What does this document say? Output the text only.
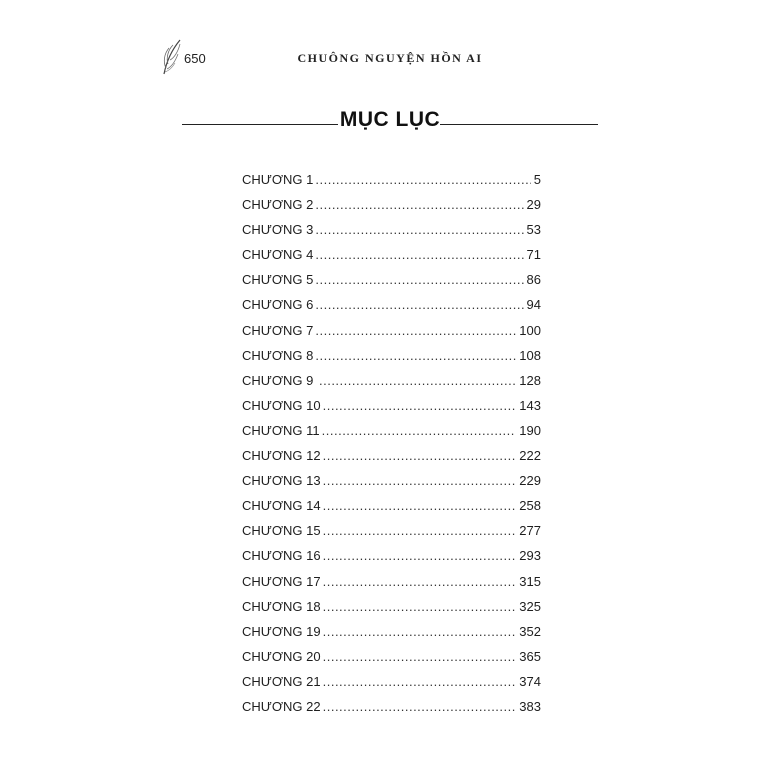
650	CHUÔNG NGUYỆN HỒN AI
MỤC LỤC
CHƯƠNG 1 .....	5
CHƯƠNG 2 .....	29
CHƯƠNG 3 .....	53
CHƯƠNG 4 .....	71
CHƯƠNG 5 .....	86
CHƯƠNG 6 .....	94
CHƯƠNG 7 .....	100
CHƯƠNG 8 .....	108
CHƯƠNG 9 .....	128
CHƯƠNG 10 .....	143
CHƯƠNG 11 .....	190
CHƯƠNG 12 .....	222
CHƯƠNG 13 .....	229
CHƯƠNG 14 .....	258
CHƯƠNG 15 .....	277
CHƯƠNG 16 .....	293
CHƯƠNG 17 .....	315
CHƯƠNG 18 .....	325
CHƯƠNG 19 .....	352
CHƯƠNG 20 .....	365
CHƯƠNG 21 .....	374
CHƯƠNG 22 .....	383
